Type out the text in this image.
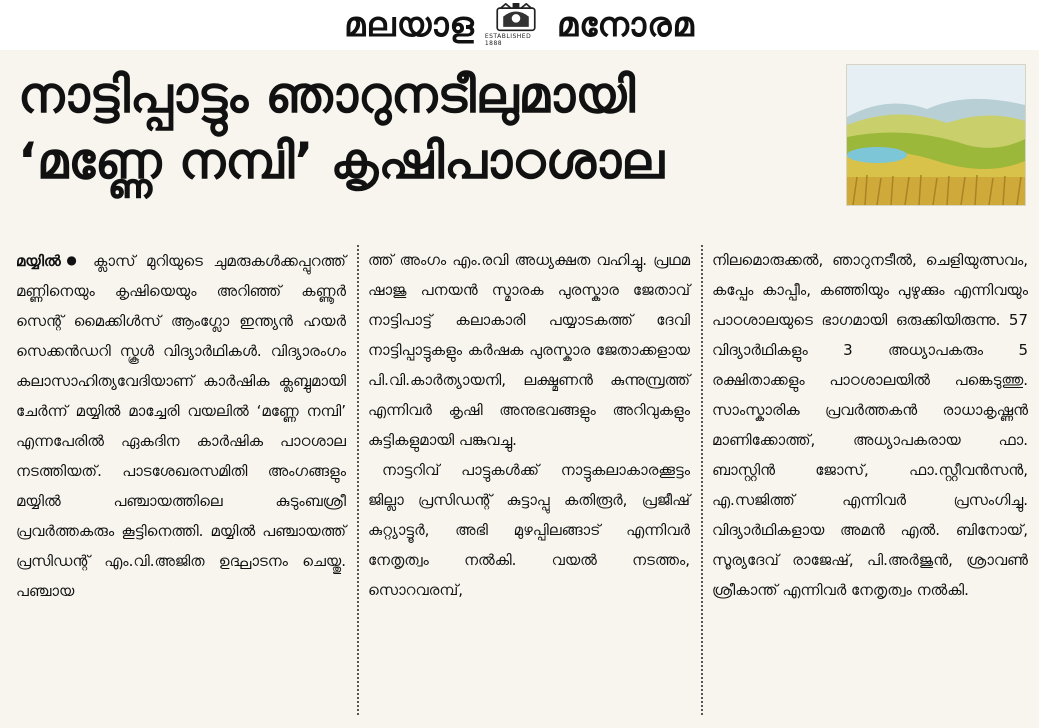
മലയാള ESTABLISHED 1888	മനോരമ
നാട്ടിപ്പാട്ടും ഞാറുനടീലുമായി
‘മണ്ണേ നമ്പി’ കൃഷിപാഠശാല

മയ്യിൽ● ക്ലാസ് മുറിയുടെ ചുമരുകൾക്കപ്പുറത്ത് മണ്ണിനെയും കൃഷിയെയും അറിഞ്ഞ് കണ്ണൂർ സെന്റ് മൈക്കിൾസ് ആംഗ്ലോ ഇന്ത്യൻ ഹയർ സെക്കൻഡറി സ്കൂൾ വിദ്യാർഥികൾ. വിദ്യാരംഗം കലാസാഹിത്യവേദിയാണ് കാർഷിക ക്ലബ്ബുമായി ചേർന്ന് മയ്യിൽ മാച്ചേരി വയലിൽ ‘മണ്ണേ നമ്പി’ എന്നപേരിൽ ഏകദിന കാർഷിക പാഠശാല നടത്തിയത്. പാടശേഖരസമിതി അംഗങ്ങളും മയ്യിൽ പഞ്ചായത്തിലെ കുടുംബശ്രീ പ്രവർത്തകരും കൂട്ടിനെത്തി. മയ്യിൽ പഞ്ചായത്ത് പ്രസിഡന്റ് എം.വി.അജിത ഉദ്ഘാടനം ചെയ്തു. പഞ്ചായ

ത്ത് അംഗം എം.രവി അധ്യക്ഷത വഹിച്ചു. പ്രഥമ ഷാജു പനയൻ സ്മാരക പുരസ്കാര ജേതാവ് നാട്ടിപാട്ട് കലാകാരി പയ്യാടകത്ത് ദേവി നാട്ടിപ്പാട്ടുകളും കർഷക പുരസ്കാര ജേതാക്കളായ പി.വി.കാർത്യായനി, ലക്ഷ്മണൻ കുന്നുമ്പ്രത്ത് എന്നിവർ കൃഷി അനുഭവങ്ങളും അറിവുകളും കുട്ടികളുമായി പങ്കുവച്ചു.

നാട്ടറിവ് പാട്ടുകൾക്ക് നാട്ടുകലാകാരക്കൂട്ടം ജില്ലാ പ്രസിഡന്റ് കുട്ടാപ്പു കതിരൂർ, പ്രജീഷ് കുറ്റ്യാട്ടൂർ, അഭി മുഴപ്പിലങ്ങാട് എന്നിവർ നേതൃത്വം നൽകി. വയൽ നടത്തം, സൊറവരമ്പ്,

നിലമൊരുക്കൽ, ഞാറുനടീൽ, ചെളിയുത്സവം, കപ്പേം കാപ്പീം, കഞ്ഞിയും പുഴുക്കും എന്നിവയും പാഠശാലയുടെ ഭാഗമായി ഒരുക്കിയിരുന്നു. 57 വിദ്യാർഥികളും 3 അധ്യാപകരും 5 രക്ഷിതാക്കളും പാഠശാലയിൽ പങ്കെടുത്തു. സാംസ്കാരിക പ്രവർത്തകൻ രാധാകൃഷ്ണൻ മാണിക്കോത്ത്, അധ്യാപകരായ ഫാ. ബാസ്റ്റിൻ ജോസ്, ഫാ.സ്റ്റീവൻസൻ, എ.സജിത്ത് എന്നിവർ പ്രസംഗിച്ചു. വിദ്യാർഥികളായ അമൻ എൽ. ബിനോയ്, സൂര്യദേവ് രാജേഷ്, പി.അർജുൻ, ശ്രാവൺ ശ്രീകാന്ത് എന്നിവർ നേതൃത്വം നൽകി.
